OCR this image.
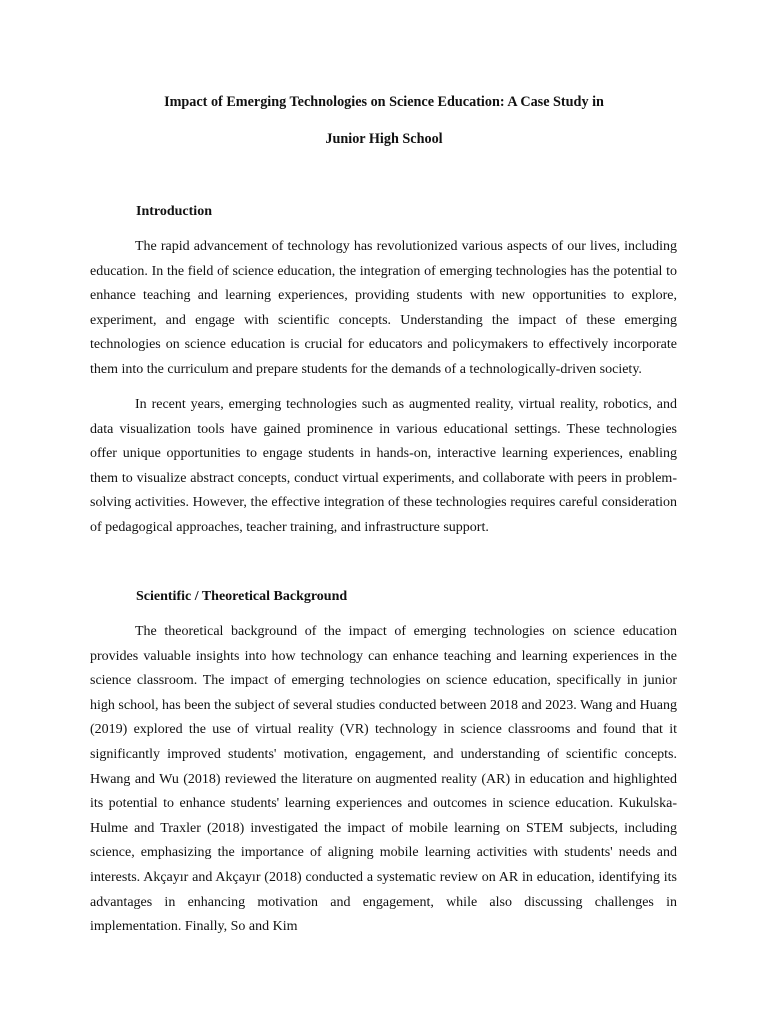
Impact of Emerging Technologies on Science Education: A Case Study in
Junior High School
Introduction

The rapid advancement of technology has revolutionized various aspects of our lives, including education. In the field of science education, the integration of emerging technologies has the potential to enhance teaching and learning experiences, providing students with new opportunities to explore, experiment, and engage with scientific concepts. Understanding the impact of these emerging technologies on science education is crucial for educators and policymakers to effectively incorporate them into the curriculum and prepare students for the demands of a technologically-driven society.

In recent years, emerging technologies such as augmented reality, virtual reality, robotics, and data visualization tools have gained prominence in various educational settings. These technologies offer unique opportunities to engage students in hands-on, interactive learning experiences, enabling them to visualize abstract concepts, conduct virtual experiments, and collaborate with peers in problem-solving activities. However, the effective integration of these technologies requires careful consideration of pedagogical approaches, teacher training, and infrastructure support.

Scientific / Theoretical Background

The theoretical background of the impact of emerging technologies on science education provides valuable insights into how technology can enhance teaching and learning experiences in the science classroom. The impact of emerging technologies on science education, specifically in junior high school, has been the subject of several studies conducted between 2018 and 2023. Wang and Huang (2019) explored the use of virtual reality (VR) technology in science classrooms and found that it significantly improved students' motivation, engagement, and understanding of scientific concepts. Hwang and Wu (2018) reviewed the literature on augmented reality (AR) in education and highlighted its potential to enhance students' learning experiences and outcomes in science education. Kukulska-Hulme and Traxler (2018) investigated the impact of mobile learning on STEM subjects, including science, emphasizing the importance of aligning mobile learning activities with students' needs and interests. Akçayır and Akçayır (2018) conducted a systematic review on AR in education, identifying its advantages in enhancing motivation and engagement, while also discussing challenges in implementation. Finally, So and Kim
